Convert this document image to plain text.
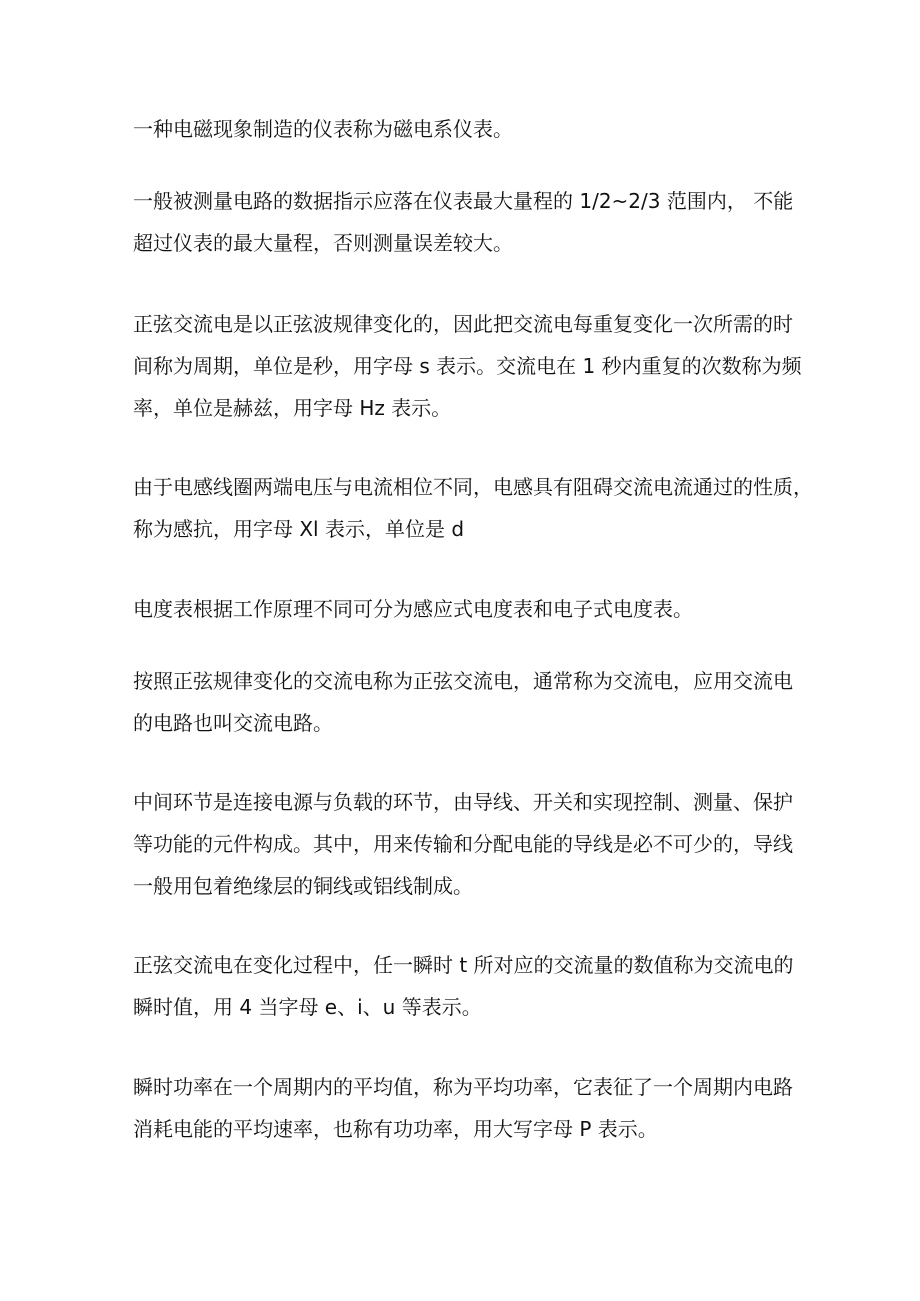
一种电磁现象制造的仪表称为磁电系仪表。

一般被测量电路的数据指示应落在仪表最大量程的 1/2~2/3 范围内， 不能
超过仪表的最大量程，否则测量误差较大。

正弦交流电是以正弦波规律变化的，因此把交流电每重复变化一次所需的时
间称为周期，单位是秒，用字母 s 表示。交流电在 1 秒内重复的次数称为频
率，单位是赫兹，用字母 Hz 表示。

由于电感线圈两端电压与电流相位不同，电感具有阻碍交流电流通过的性质，
称为感抗，用字母 Xl 表示，单位是 d

电度表根据工作原理不同可分为感应式电度表和电子式电度表。

按照正弦规律变化的交流电称为正弦交流电，通常称为交流电，应用交流电
的电路也叫交流电路。

中间环节是连接电源与负载的环节，由导线、开关和实现控制、测量、保护
等功能的元件构成。其中，用来传输和分配电能的导线是必不可少的，导线
一般用包着绝缘层的铜线或铝线制成。

正弦交流电在变化过程中，任一瞬时 t 所对应的交流量的数值称为交流电的
瞬时值，用 4 当字母 e、i、u 等表示。

瞬时功率在一个周期内的平均值，称为平均功率，它表征了一个周期内电路
消耗电能的平均速率，也称有功功率，用大写字母 P 表示。
